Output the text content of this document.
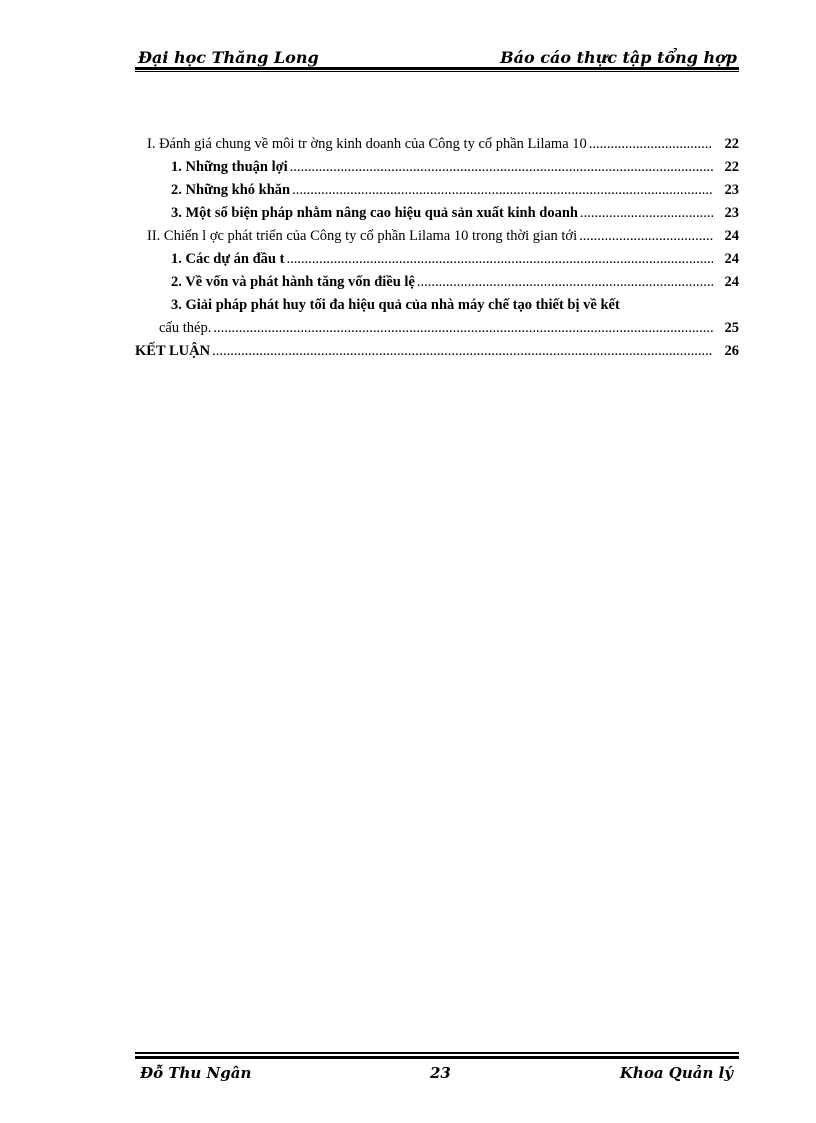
Đại học Thăng Long	Báo cáo thực tập tổng hợp
I. Đánh giá chung về môi tr ờng kinh doanh của Công ty cổ phần Lilama 10 .....	22
1. Những thuận lợi .....	22
2. Những khó khăn .....	23
3. Một số biện pháp nhằm nâng cao hiệu quả sản xuất kinh doanh .....	23
II. Chiến l ợc phát triển của Công ty cổ phần Lilama 10 trong thời gian tới .....	24
1. Các dự án đầu t .....	24
2. Về vốn và phát hành tăng vốn điều lệ .....	24
3. Giải pháp phát huy tối đa hiệu quả của nhà máy chế tạo thiết bị về kết
cấu thép. .....	25
KẾT LUẬN .....	26
Đỗ Thu Ngân	23	Khoa Quản lý
